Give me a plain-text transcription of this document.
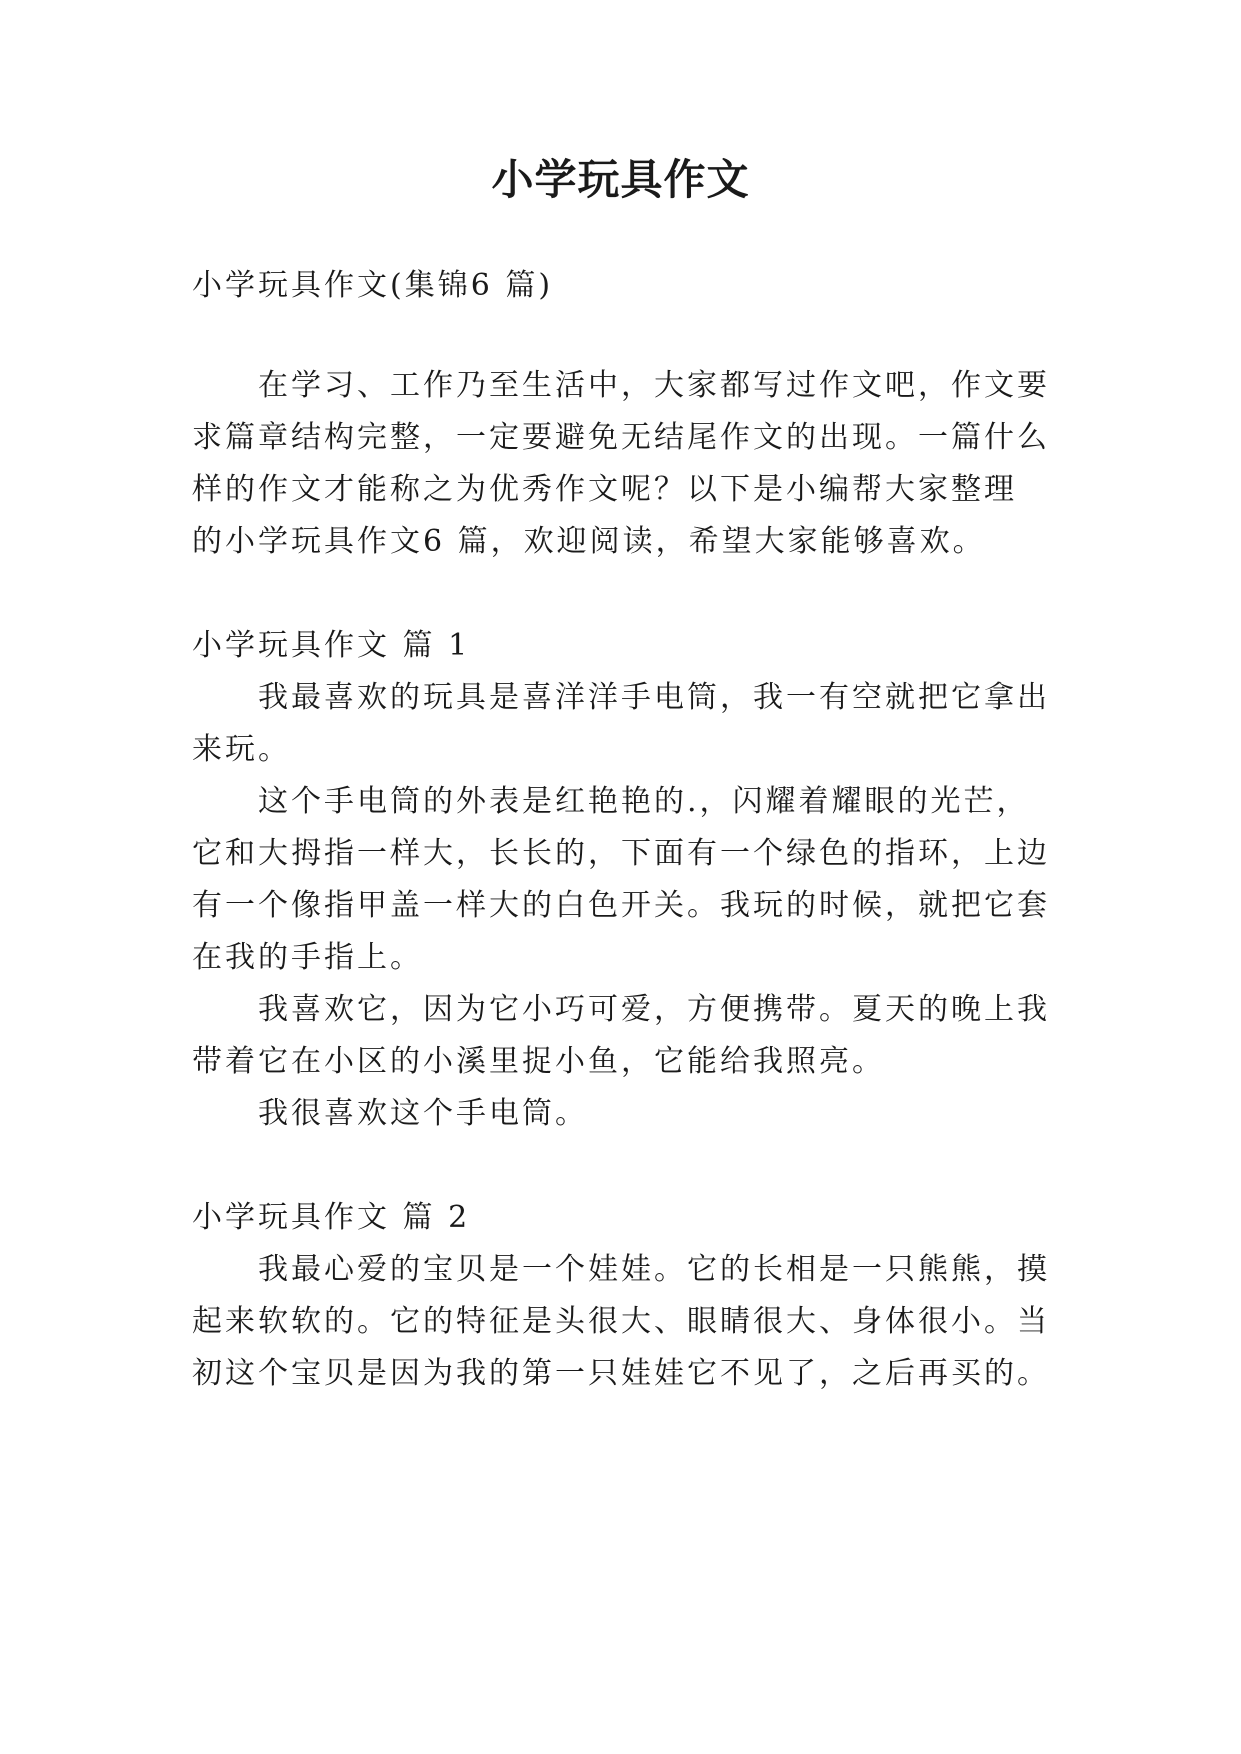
小学玩具作文

小学玩具作文(集锦6 篇)

在学习、工作乃至生活中，大家都写过作文吧，作文要

求篇章结构完整，一定要避免无结尾作文的出现。一篇什么

样的作文才能称之为优秀作文呢？以下是小编帮大家整理

的小学玩具作文6 篇，欢迎阅读，希望大家能够喜欢。

小学玩具作文 篇 1

我最喜欢的玩具是喜洋洋手电筒，我一有空就把它拿出

来玩。

这个手电筒的外表是红艳艳的.，闪耀着耀眼的光芒，

它和大拇指一样大，长长的，下面有一个绿色的指环，上边

有一个像指甲盖一样大的白色开关。我玩的时候，就把它套

在我的手指上。

我喜欢它，因为它小巧可爱，方便携带。夏天的晚上我

带着它在小区的小溪里捉小鱼，它能给我照亮。

我很喜欢这个手电筒。

小学玩具作文 篇 2

我最心爱的宝贝是一个娃娃。它的长相是一只熊熊，摸

起来软软的。它的特征是头很大、眼睛很大、身体很小。当

初这个宝贝是因为我的第一只娃娃它不见了，之后再买的。
